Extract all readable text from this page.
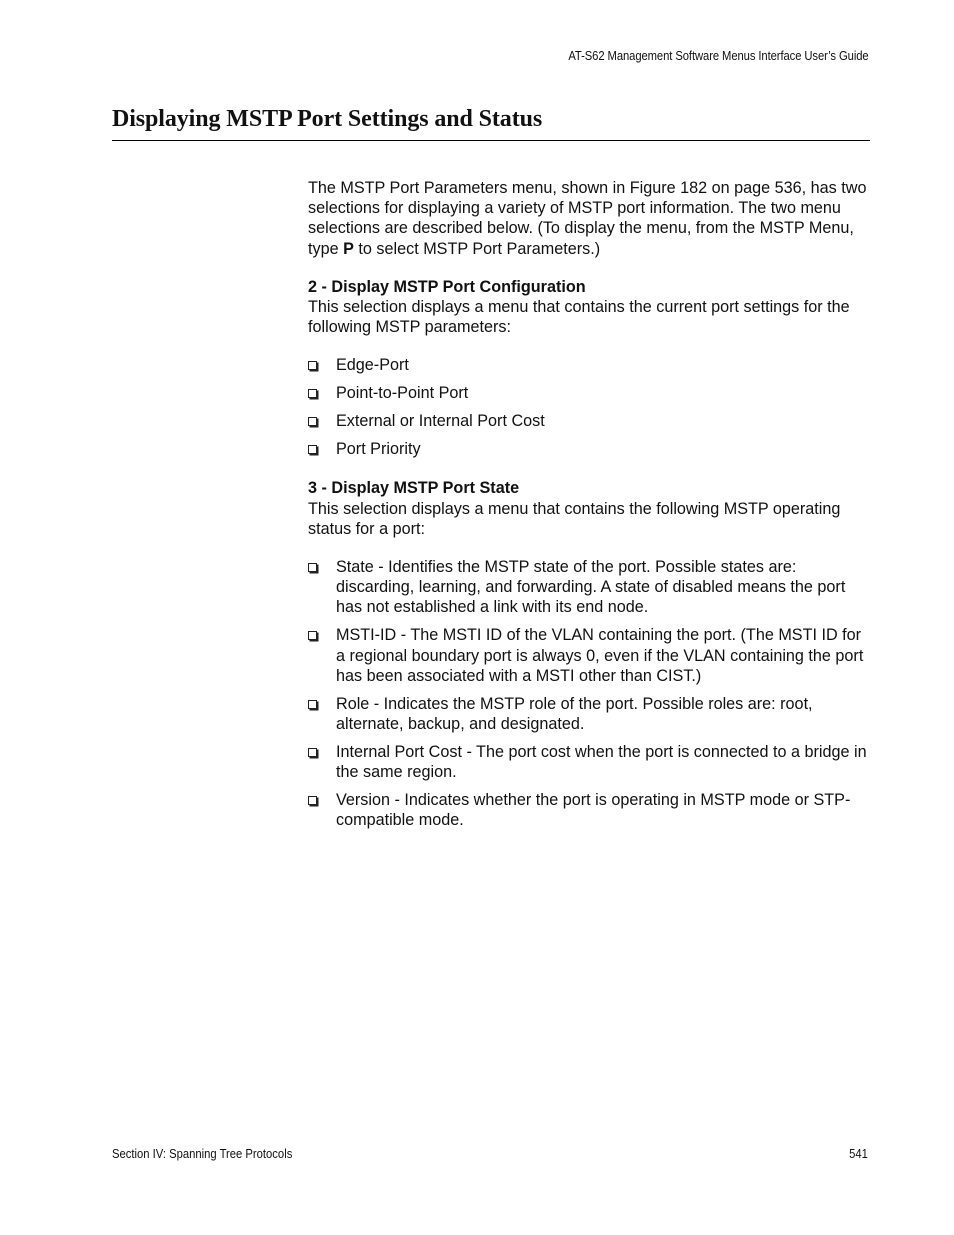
AT-S62 Management Software Menus Interface User’s Guide
Displaying MSTP Port Settings and Status

The MSTP Port Parameters menu, shown in Figure 182 on page 536, has two selections for displaying a variety of MSTP port information. The two menu selections are described below. (To display the menu, from the MSTP Menu, type P to select MSTP Port Parameters.)

2 - Display MSTP Port Configuration

This selection displays a menu that contains the current port settings for the following MSTP parameters:

Edge-Port
Point-to-Point Port
External or Internal Port Cost
Port Priority

3 - Display MSTP Port State

This selection displays a menu that contains the following MSTP operating status for a port:

State - Identifies the MSTP state of the port. Possible states are: discarding, learning, and forwarding. A state of disabled means the port has not established a link with its end node.
MSTI-ID - The MSTI ID of the VLAN containing the port. (The MSTI ID for a regional boundary port is always 0, even if the VLAN containing the port has been associated with a MSTI other than CIST.)
Role - Indicates the MSTP role of the port. Possible roles are: root, alternate, backup, and designated.
Internal Port Cost - The port cost when the port is connected to a bridge in the same region.
Version - Indicates whether the port is operating in MSTP mode or STP-compatible mode.
Section IV: Spanning Tree Protocols	541
